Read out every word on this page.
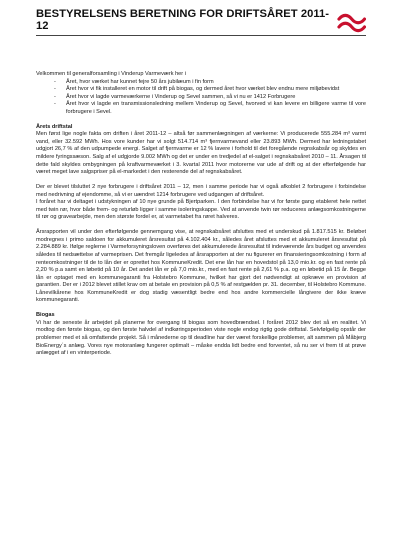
BESTYRELSENS BERETNING FOR DRIFTSÅRET 2011-12

Velkommen til generalforsamling i Vinderup Varmeværk her i

- Året, hvor værket har kunnet fejre 50 års jubilæum i fin form
- Året hvor vi fik installeret en motor til drift på biogas, og dermed året hvor værket blev endnu mere miljøbevidst
- Året hvor vi lagde varmeværkerne i Vinderup og Sevel sammen, så vi nu er 1412 Forbrugere
- Året hvor vi lagde en transmissionsledning mellem Vinderup og Sevel, hvorved vi kan levere en billigere varme til vore forbrugere i Sevel.

Årets driftstal

Men først lige nogle fakta om driften i året 2011-12 – altså før sammenlægningen af værkerne: Vi producerede 555.284 m³ varmt vand, eller 32.592 MWh. Hos vore kunder har vi solgt 514.714 m³ fjernvarmevand eller 23.893 MWh. Dermed har ledningstabet udgjort 26,7 % af den udpumpede energi. Salget af fjernvarme er 12 % lavere i forhold til det foregående regnskabsår og skyldes en mildere fyringssæson. Salg af el udgjorde 9.002 MWh og det er under en tredjedel af el-salget i regnskabsåret 2010 – 11. Årsagen til dette fald skyldes ombygningen på kraftvarmeværket i 3. kvartal 2011 hvor motorerne var ude af drift og at der efterfølgende har været meget lave salgspriser på el-markedet i den resterende del af regnskabsåret.

Der er blevet tilsluttet 2 nye forbrugere i driftsåret 2011 – 12, men i samme periode har vi også afkoblet 2 forbrugere i forbindelse med nedrivning af ejendomme, så vi er uændret 1214 forbrugere ved udgangen af driftsåret.

I foråret har vi deltaget i udstykningen af 10 nye grunde på Bjertparken. I den forbindelse har vi for første gang etableret hele nettet med twin rør, hvor både frem- og returløb ligger i samme isoleringskappe. Ved at anvende twin rør reduceres anlægsomkostningerne til rør og gravearbejde, men den største fordel er, at varmetabet fra røret halveres.

Årsrapporten vil under den efterfølgende gennemgang vise, at regnskabsåret afsluttes med et underskud på 1.817.515 kr. Beløbet modregnes i primo saldoen for akkumuleret årsresultat på 4.102.404 kr., således året afsluttes med et akkumuleret årsresultat på 2.284.889 kr. Ifølge reglerne i Varmeforsyningsloven overføres det akkumulerede årsresultat til indeværende års budget og anvendes således til nedsættelse af varmeprisen. Det fremgår ligeledes af årsrapporten at der nu figurerer en finansieringsomkostning i form af renteomkostninger til de to lån der er oprettet hos KommuneKredit. Det ene lån har en hovedstol på 13,0 mio.kr. og en fast rente på 2,20 % p.a samt en løbetid på 10 år. Det andet lån er på 7,0 mio.kr., med en fast rente på 2,61 % p.a. og en løbetid på 15 år. Begge lån er optaget med en kommunegaranti fra Holstebro Kommune, hvilket har gjort det nødvendigt at opkræve en provision af garantien. Der er i 2012 blevet stillet krav om at betale en provision på 0,5 % af restgælden pr. 31. december, til Holstebro Kommune. Lånevilkårene hos KommuneKredit er dog stadig væsentligt bedre end hos andre kommercielle långivere der ikke kræve kommunegaranti.

Biogas

Vi har de seneste år arbejdet på planerne for overgang til biogas som hovedbrændsel. I foråret 2012 blev det så en realitet. Vi modtog den første biogas, og den første halvdel af indkøringsperioden viste nogle endog rigtig gode driftstal. Selvfølgelig opstår der problemer med et så omfattende projekt. Så i månederne op til deadline har der været forskellige problemer, alt sammen på Måbjerg BioEnergy´s anlæg. Vores nye motoranlæg fungerer optimalt – måske endda lidt bedre end forventet, så nu ser vi frem til at prøve anlægget af i en vinterperiode.
